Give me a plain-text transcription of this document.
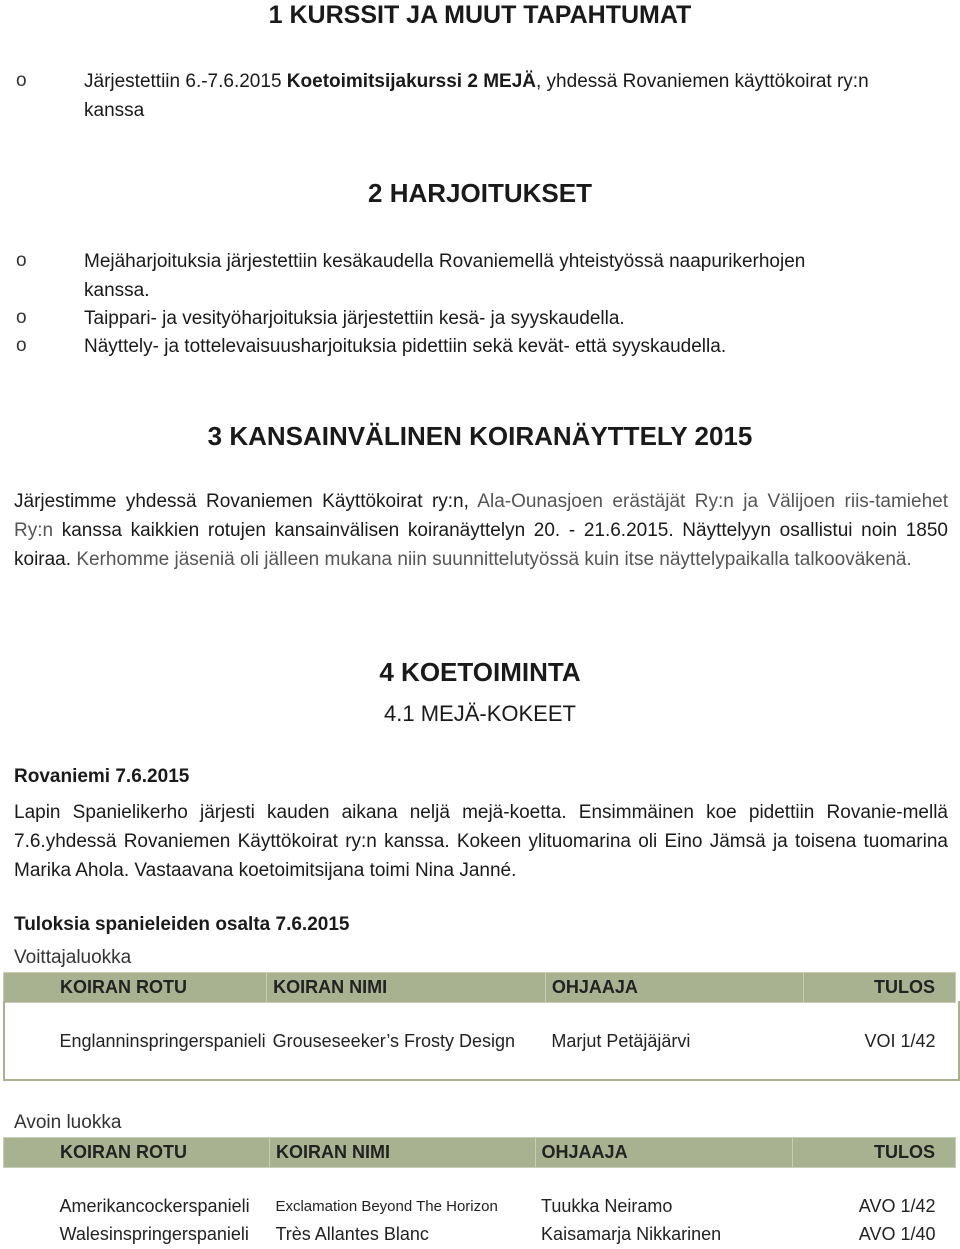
1 KURSSIT JA MUUT TAPAHTUMAT
o	Järjestettiin 6.-7.6.2015 Koetoimitsijakurssi 2 MEJÄ, yhdessä Rovaniemen käyttökoirat ry:n
kanssa
2 HARJOITUKSET
o	Mejäharjoituksia järjestettiin kesäkaudella Rovaniemellä yhteistyössä naapurikerhojen
kanssa.
o	Taippari- ja vesityöharjoituksia järjestettiin kesä- ja syyskaudella.
o	Näyttely- ja tottelevaisuusharjoituksia pidettiin sekä kevät- että syyskaudella.
3 KANSAINVÄLINEN KOIRANÄYTTELY 2015

Järjestimme yhdessä Rovaniemen Käyttökoirat ry:n, Ala-Ounasjoen erästäjät Ry:n ja Välijoen riis-tamiehet Ry:n kanssa kaikkien rotujen kansainvälisen koiranäyttelyn 20. - 21.6.2015. Näyttelyyn osallistui noin 1850 koiraa. Kerhomme jäseniä oli jälleen mukana niin suunnittelutyössä kuin itse näyttelypaikalla talkooväkenä.

4 KOETOIMINTA
4.1 MEJÄ-KOKEET
Rovaniemi 7.6.2015
Lapin Spanielikerho järjesti kauden aikana neljä mejä-koetta. Ensimmäinen koe pidettiin Rovanie-mellä 7.6.yhdessä Rovaniemen Käyttökoirat ry:n kanssa. Kokeen ylituomarina oli Eino Jämsä ja toisena tuomarina Marika Ahola. Vastaavana koetoimitsijana toimi Nina Janné.
Tuloksia spanieleiden osalta 7.6.2015
Voittajaluokka
KOIRAN ROTU	KOIRAN NIMI	OHJAAJA	TULOS

Englanninspringerspanieli	Grouseseeker’s Frosty Design	Marjut Petäjäjärvi	VOI 1/42
Avoin luokka
KOIRAN ROTU	KOIRAN NIMI	OHJAAJA	TULOS

Amerikancockerspanieli	Exclamation Beyond The Horizon	Tuukka Neiramo	AVO 1/42
Walesinspringerspanieli	Très Allantes Blanc	Kaisamarja Nikkarinen	AVO 1/40
